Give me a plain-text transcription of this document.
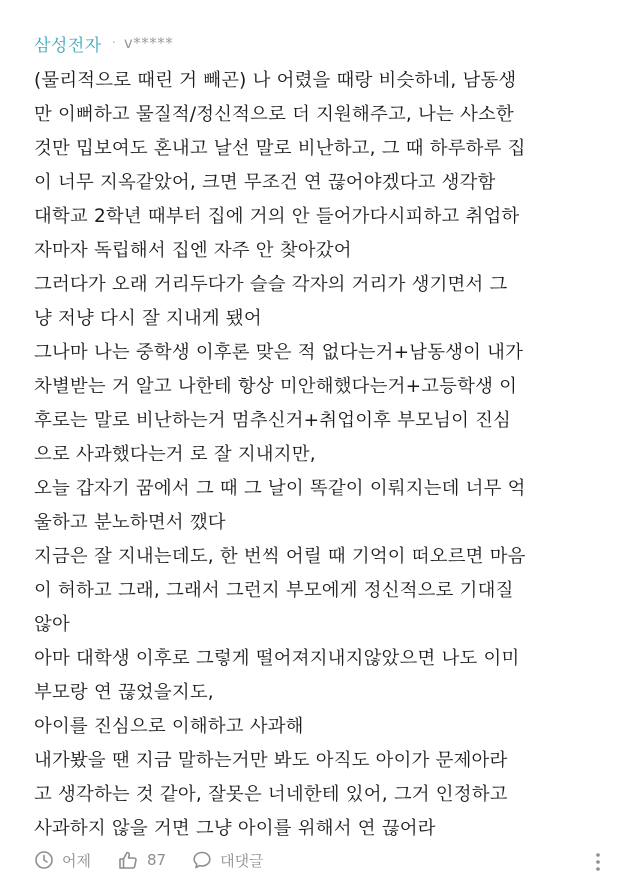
삼성전자 · v*****
(물리적으로 때린 거 빼곤) 나 어렸을 때랑 비슷하네, 남동생
만 이뻐하고 물질적/정신적으로 더 지원해주고, 나는 사소한
것만 밉보여도 혼내고 날선 말로 비난하고, 그 때 하루하루 집
이 너무 지옥같았어, 크면 무조건 연 끊어야겠다고 생각함
대학교 2학년 때부터 집에 거의 안 들어가다시피하고 취업하
자마자 독립해서 집엔 자주 안 찾아갔어
그러다가 오래 거리두다가 슬슬 각자의 거리가 생기면서 그
냥 저냥 다시 잘 지내게 됐어
그나마 나는 중학생 이후론 맞은 적 없다는거+남동생이 내가
차별받는 거 알고 나한테 항상 미안해했다는거+고등학생 이
후로는 말로 비난하는거 멈추신거+취업이후 부모님이 진심
으로 사과했다는거 로 잘 지내지만,
오늘 갑자기 꿈에서 그 때 그 날이 똑같이 이뤄지는데 너무 억
울하고 분노하면서 깼다
지금은 잘 지내는데도, 한 번씩 어릴 때 기억이 떠오르면 마음
이 허하고 그래, 그래서 그런지 부모에게 정신적으로 기대질
않아
아마 대학생 이후로 그렇게 떨어져지내지않았으면 나도 이미
부모랑 연 끊었을지도,
아이를 진심으로 이해하고 사과해
내가봤을 땐 지금 말하는거만 봐도 아직도 아이가 문제아라
고 생각하는 것 같아, 잘못은 너네한테 있어, 그거 인정하고
사과하지 않을 거면 그냥 아이를 위해서 연 끊어라
어제	87	대댓글
